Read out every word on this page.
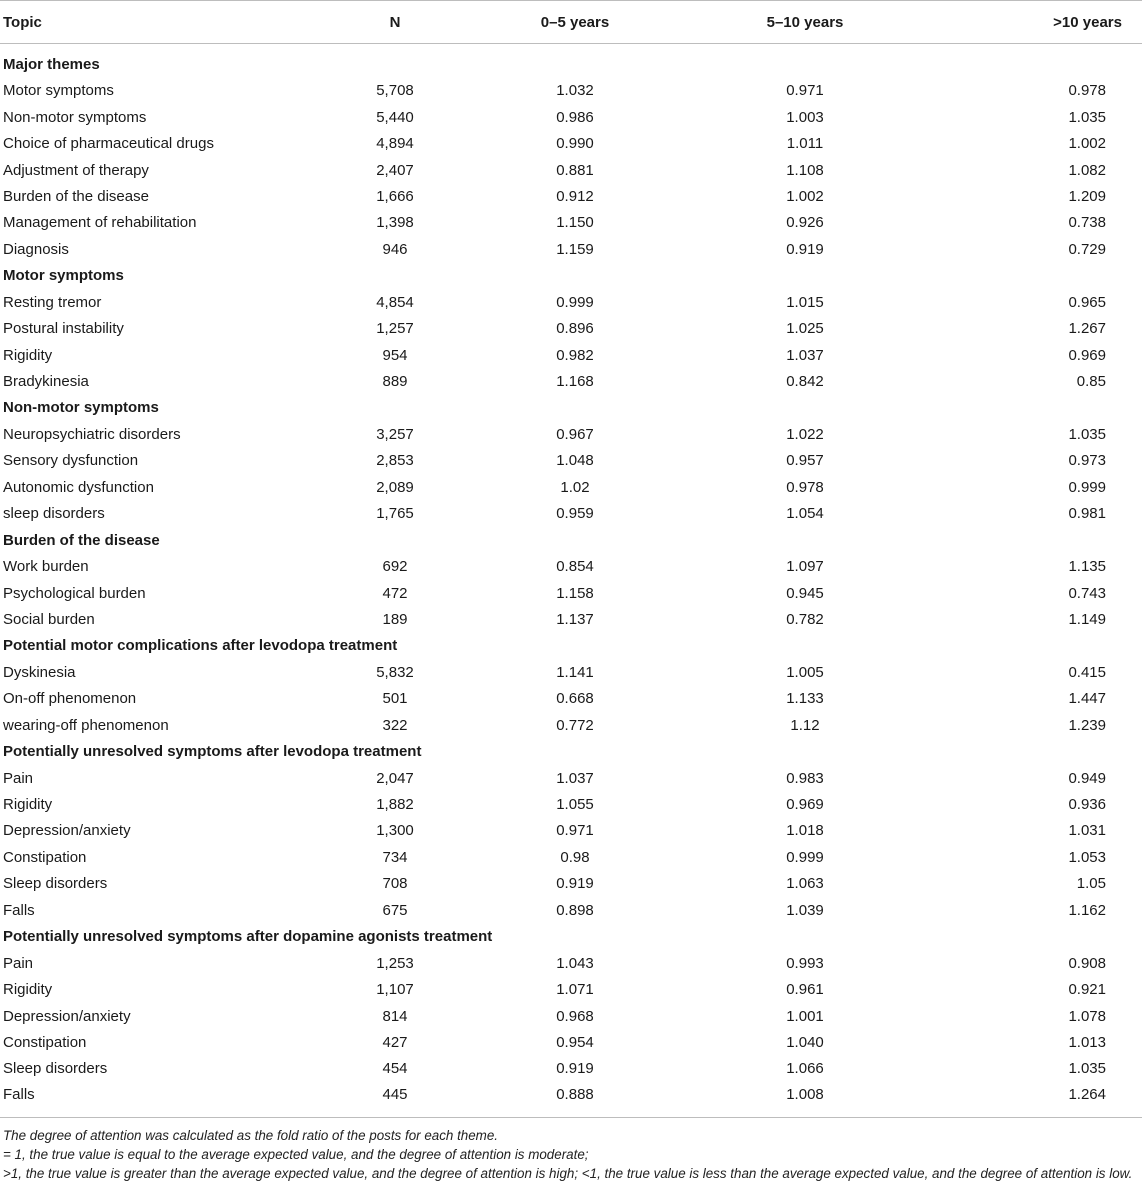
Topic	N	0–5 years	5–10 years	>10 years
Major themes				
Motor symptoms	5,708	1.032	0.971	0.978
Non-motor symptoms	5,440	0.986	1.003	1.035
Choice of pharmaceutical drugs	4,894	0.990	1.011	1.002
Adjustment of therapy	2,407	0.881	1.108	1.082
Burden of the disease	1,666	0.912	1.002	1.209
Management of rehabilitation	1,398	1.150	0.926	0.738
Diagnosis	946	1.159	0.919	0.729
Motor symptoms				
Resting tremor	4,854	0.999	1.015	0.965
Postural instability	1,257	0.896	1.025	1.267
Rigidity	954	0.982	1.037	0.969
Bradykinesia	889	1.168	0.842	0.85
Non-motor symptoms				
Neuropsychiatric disorders	3,257	0.967	1.022	1.035
Sensory dysfunction	2,853	1.048	0.957	0.973
Autonomic dysfunction	2,089	1.02	0.978	0.999
sleep disorders	1,765	0.959	1.054	0.981
Burden of the disease				
Work burden	692	0.854	1.097	1.135
Psychological burden	472	1.158	0.945	0.743
Social burden	189	1.137	0.782	1.149
Potential motor complications after levodopa treatment				
Dyskinesia	5,832	1.141	1.005	0.415
On-off phenomenon	501	0.668	1.133	1.447
wearing-off phenomenon	322	0.772	1.12	1.239
Potentially unresolved symptoms after levodopa treatment				
Pain	2,047	1.037	0.983	0.949
Rigidity	1,882	1.055	0.969	0.936
Depression/anxiety	1,300	0.971	1.018	1.031
Constipation	734	0.98	0.999	1.053
Sleep disorders	708	0.919	1.063	1.05
Falls	675	0.898	1.039	1.162
Potentially unresolved symptoms after dopamine agonists treatment				
Pain	1,253	1.043	0.993	0.908
Rigidity	1,107	1.071	0.961	0.921
Depression/anxiety	814	0.968	1.001	1.078
Constipation	427	0.954	1.040	1.013
Sleep disorders	454	0.919	1.066	1.035
Falls	445	0.888	1.008	1.264

The degree of attention was calculated as the fold ratio of the posts for each theme.

= 1, the true value is equal to the average expected value, and the degree of attention is moderate;

>1, the true value is greater than the average expected value, and the degree of attention is high; <1, the true value is less than the average expected value, and the degree of attention is low.
